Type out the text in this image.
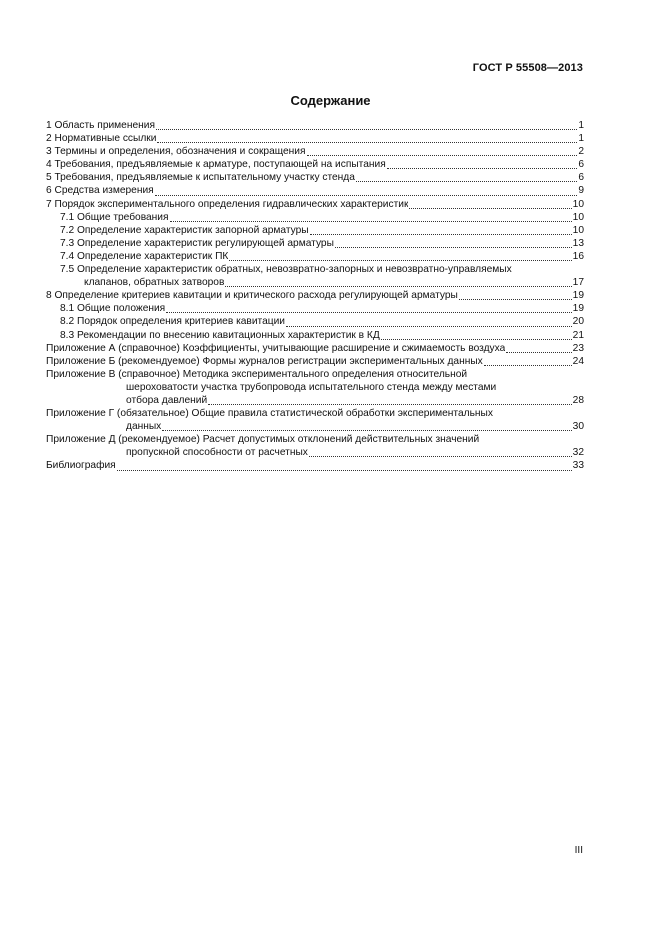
ГОСТ Р 55508—2013
Содержание
1 Область применения	1
2 Нормативные ссылки	1
3 Термины и определения, обозначения и сокращения	2
4 Требования, предъявляемые к арматуре, поступающей на испытания	6
5 Требования, предъявляемые к испытательному участку стенда	6
6 Средства измерения	9
7 Порядок экспериментального определения гидравлических характеристик	10
7.1 Общие требования	10
7.2 Определение характеристик запорной арматуры	10
7.3 Определение характеристик регулирующей арматуры	13
7.4 Определение характеристик ПК	16
7.5 Определение характеристик обратных, невозвратно-запорных и невозвратно-управляемых
клапанов, обратных затворов	17
8 Определение критериев кавитации и критического расхода регулирующей арматуры	19
8.1 Общие положения	19
8.2 Порядок определения критериев кавитации	20
8.3 Рекомендации по внесению кавитационных характеристик в КД	21
Приложение А (справочное) Коэффициенты, учитывающие расширение и сжимаемость воздуха	23
Приложение Б (рекомендуемое) Формы журналов регистрации экспериментальных данных	24
Приложение В (справочное) Методика экспериментального определения относительной
шероховатости участка трубопровода испытательного стенда между местами
отбора давлений	28
Приложение Г (обязательное) Общие правила статистической обработки экспериментальных
данных	30
Приложение Д (рекомендуемое) Расчет допустимых отклонений действительных значений
пропускной способности от расчетных	32
Библиография	33
III
